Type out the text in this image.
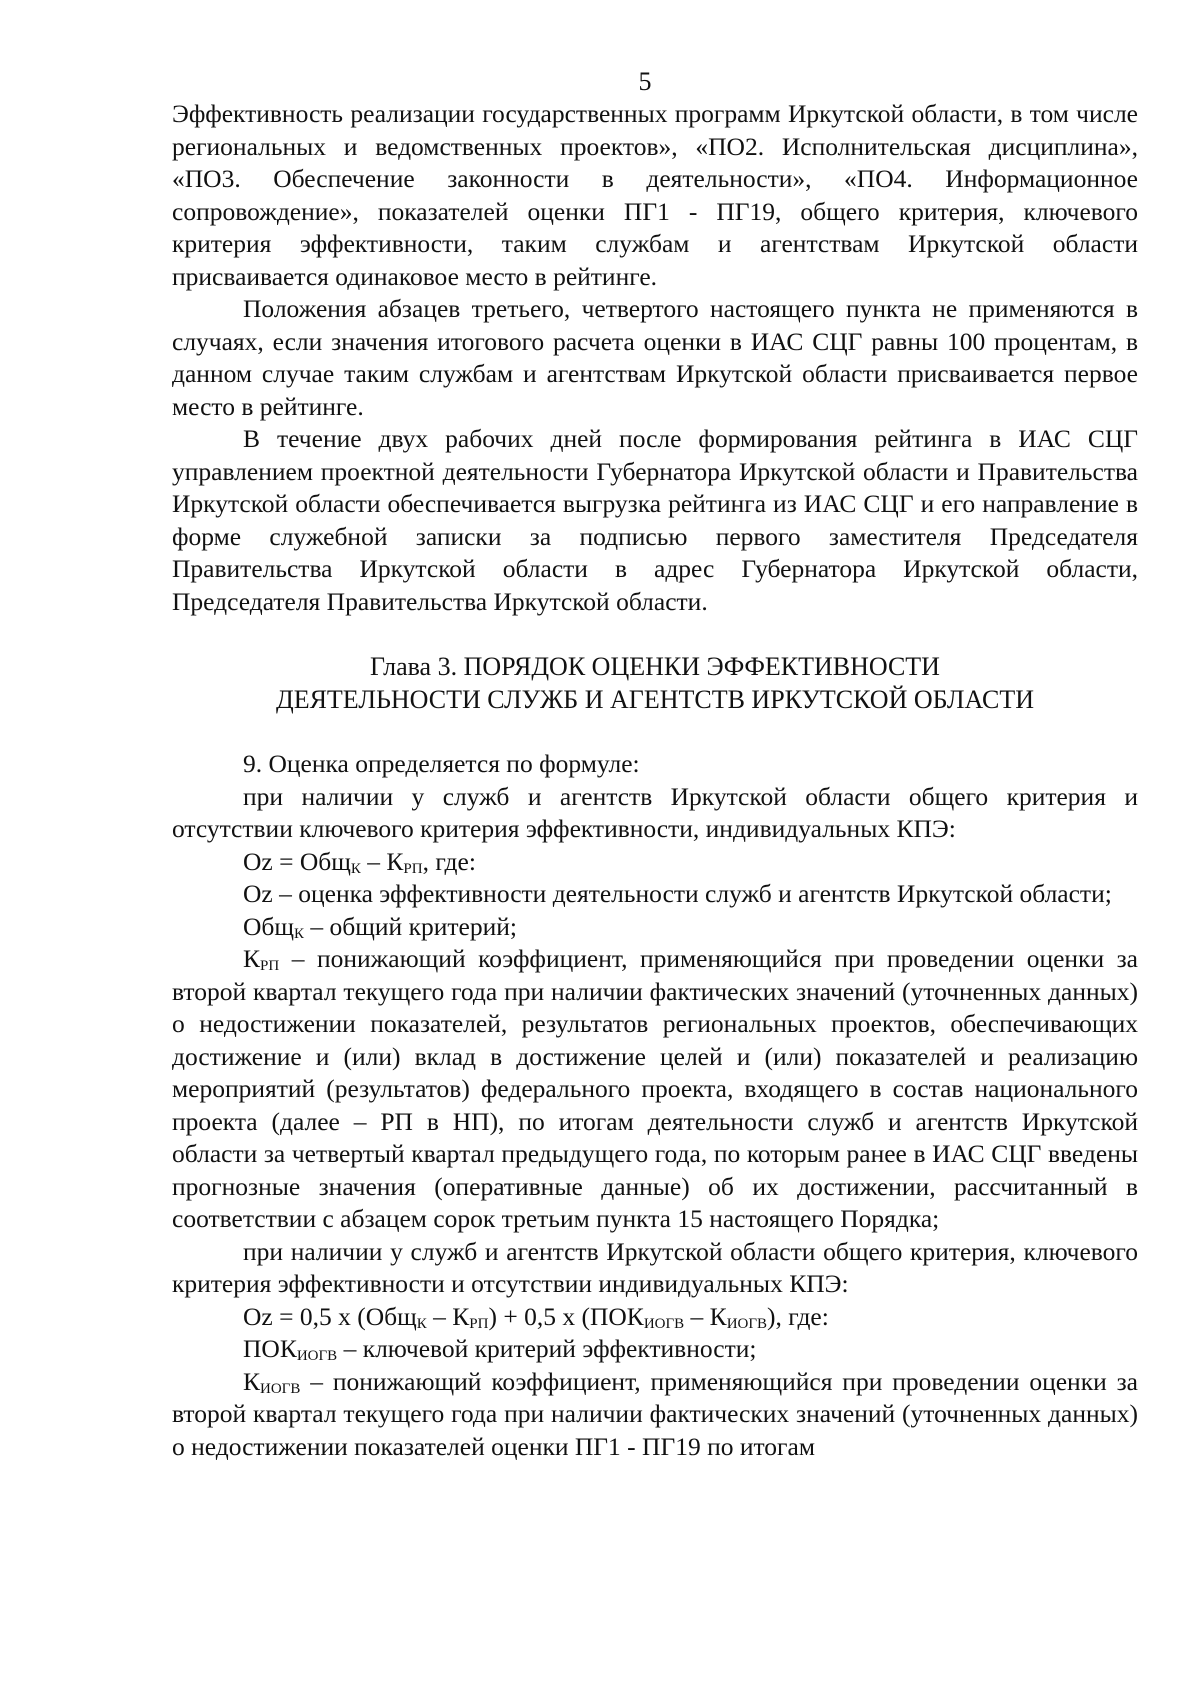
5

Эффективность реализации государственных программ Иркутской области, в том числе региональных и ведомственных проектов», «ПО2. Исполнительская дисциплина», «ПО3. Обеспечение законности в деятельности», «ПО4. Информационное сопровождение», показателей оценки ПГ1 - ПГ19, общего критерия, ключевого критерия эффективности, таким службам и агентствам Иркутской области присваивается одинаковое место в рейтинге.

Положения абзацев третьего, четвертого настоящего пункта не применяются в случаях, если значения итогового расчета оценки в ИАС СЦГ равны 100 процентам, в данном случае таким службам и агентствам Иркутской области присваивается первое место в рейтинге.

В течение двух рабочих дней после формирования рейтинга в ИАС СЦГ управлением проектной деятельности Губернатора Иркутской области и Правительства Иркутской области обеспечивается выгрузка рейтинга из ИАС СЦГ и его направление в форме служебной записки за подписью первого заместителя Председателя Правительства Иркутской области в адрес Губернатора Иркутской области, Председателя Правительства Иркутской области.

Глава 3. ПОРЯДОК ОЦЕНКИ ЭФФЕКТИВНОСТИ
ДЕЯТЕЛЬНОСТИ СЛУЖБ И АГЕНТСТВ ИРКУТСКОЙ ОБЛАСТИ

9. Оценка определяется по формуле:

при наличии у служб и агентств Иркутской области общего критерия и отсутствии ключевого критерия эффективности, индивидуальных КПЭ:

$Oz = Общ_К - К_{РП}$, где:

Oz – оценка эффективности деятельности служб и агентств Иркутской области;

Общ$_К$ – общий критерий;

$К_{РП}$ – понижающий коэффициент, применяющийся при проведении оценки за второй квартал текущего года при наличии фактических значений (уточненных данных) о недостижении показателей, результатов региональных проектов, обеспечивающих достижение и (или) вклад в достижение целей и (или) показателей и реализацию мероприятий (результатов) федерального проекта, входящего в состав национального проекта (далее – РП в НП), по итогам деятельности служб и агентств Иркутской области за четвертый квартал предыдущего года, по которым ранее в ИАС СЦГ введены прогнозные значения (оперативные данные) об их достижении, рассчитанный в соответствии с абзацем сорок третьим пункта 15 настоящего Порядка;

при наличии у служб и агентств Иркутской области общего критерия, ключевого критерия эффективности и отсутствии индивидуальных КПЭ:

Oz = 0,5 х $(Общ_К - К_{РП}) + 0,5$ х $(ПОК_{ИОГВ} - К_{ИОГВ})$, где:

$ПОК_{ИОГВ}$ – ключевой критерий эффективности;

$К_{ИОГВ}$ – понижающий коэффициент, применяющийся при проведении оценки за второй квартал текущего года при наличии фактических значений (уточненных данных) о недостижении показателей оценки ПГ1 - ПГ19 по итогам
